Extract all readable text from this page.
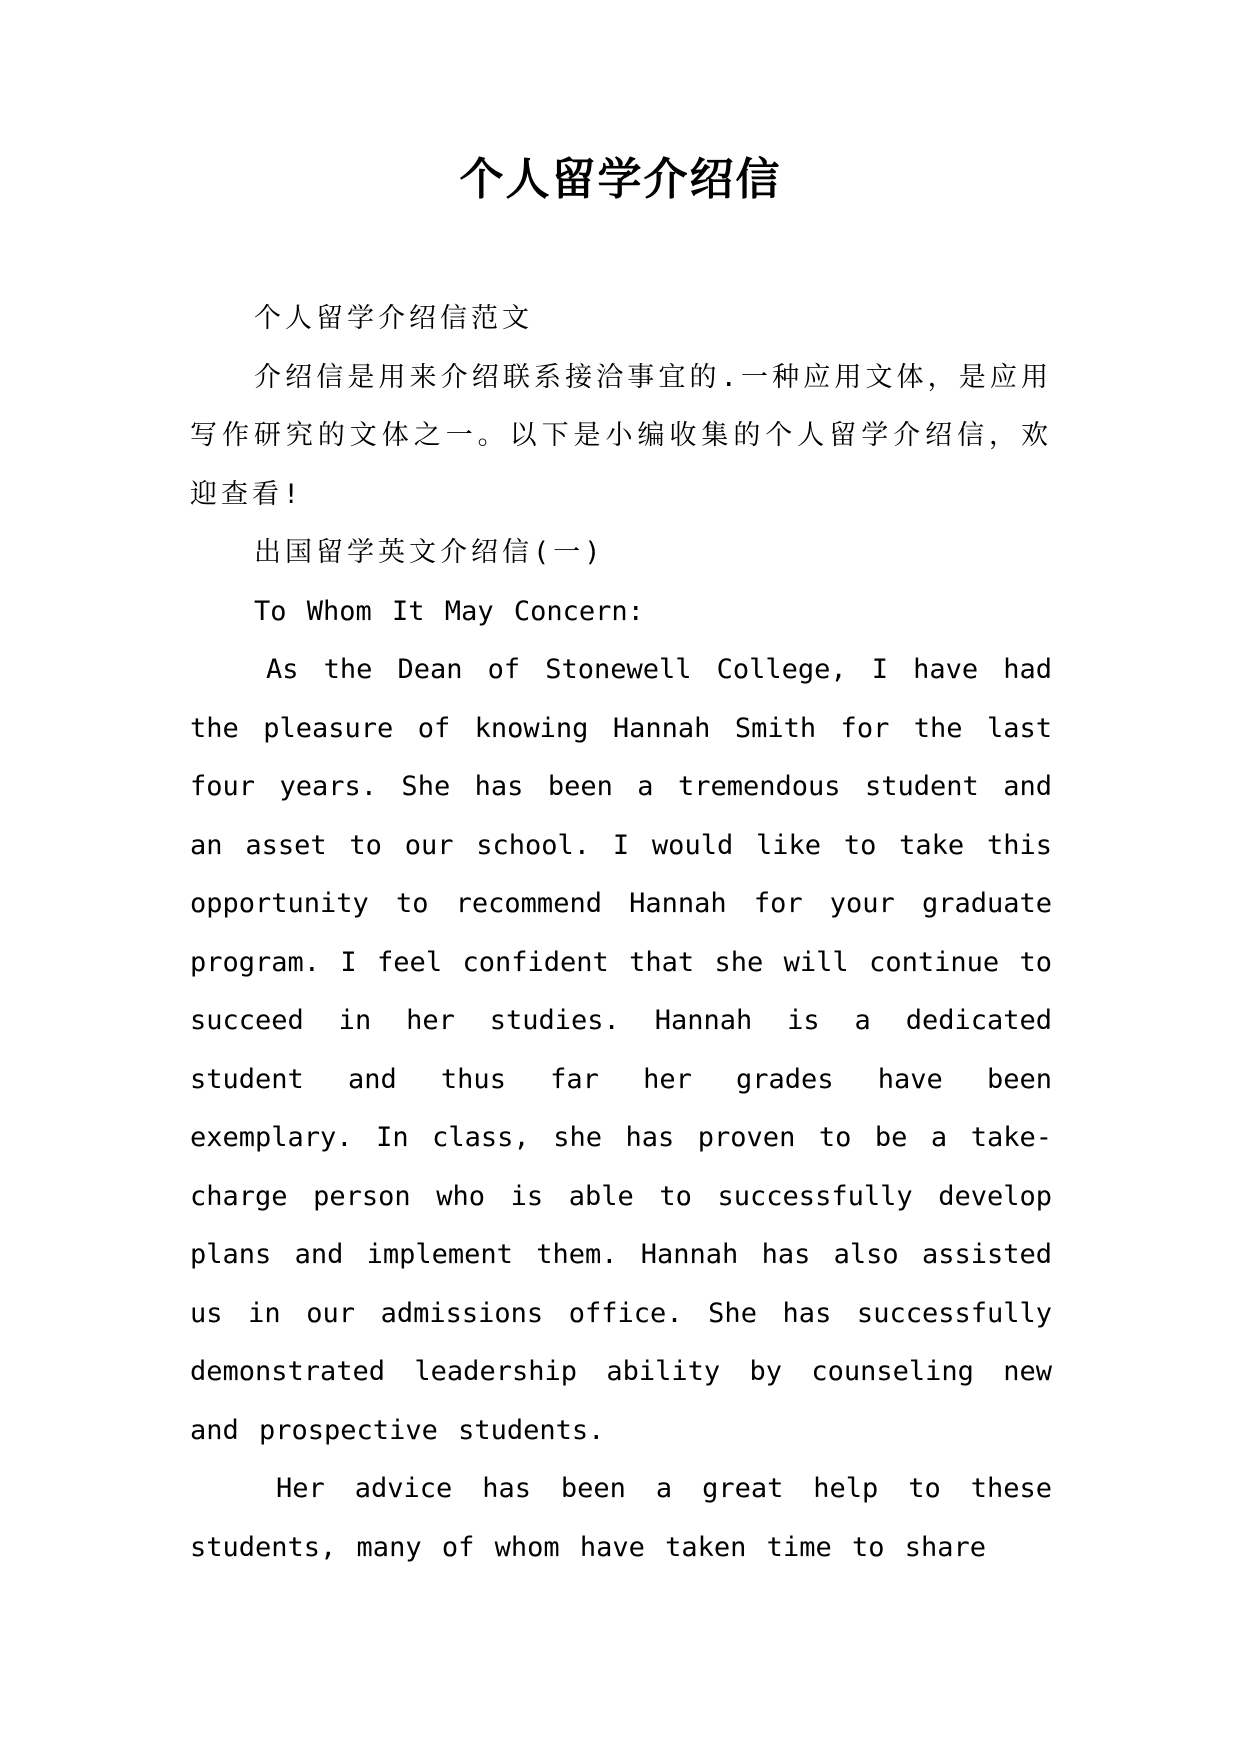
个人留学介绍信

个人留学介绍信范文

介绍信是用来介绍联系接洽事宜的.一种应用文体，是应用写作研究的文体之一。以下是小编收集的个人留学介绍信，欢迎查看!

出国留学英文介绍信(一)

To Whom It May Concern:

As the Dean of Stonewell College, I have had the pleasure of knowing Hannah Smith for the last four years. She has been a tremendous student and an asset to our school. I would like to take this opportunity to recommend Hannah for your graduate program. I feel confident that she will continue to succeed in her studies. Hannah is a dedicated student and thus far her grades have been exemplary. In class, she has proven to be a take-charge person who is able to successfully develop plans and implement them. Hannah has also assisted us in our admissions office. She has successfully demonstrated leadership ability by counseling new and prospective students.

Her advice has been a great help to these students, many of whom have taken time to share
